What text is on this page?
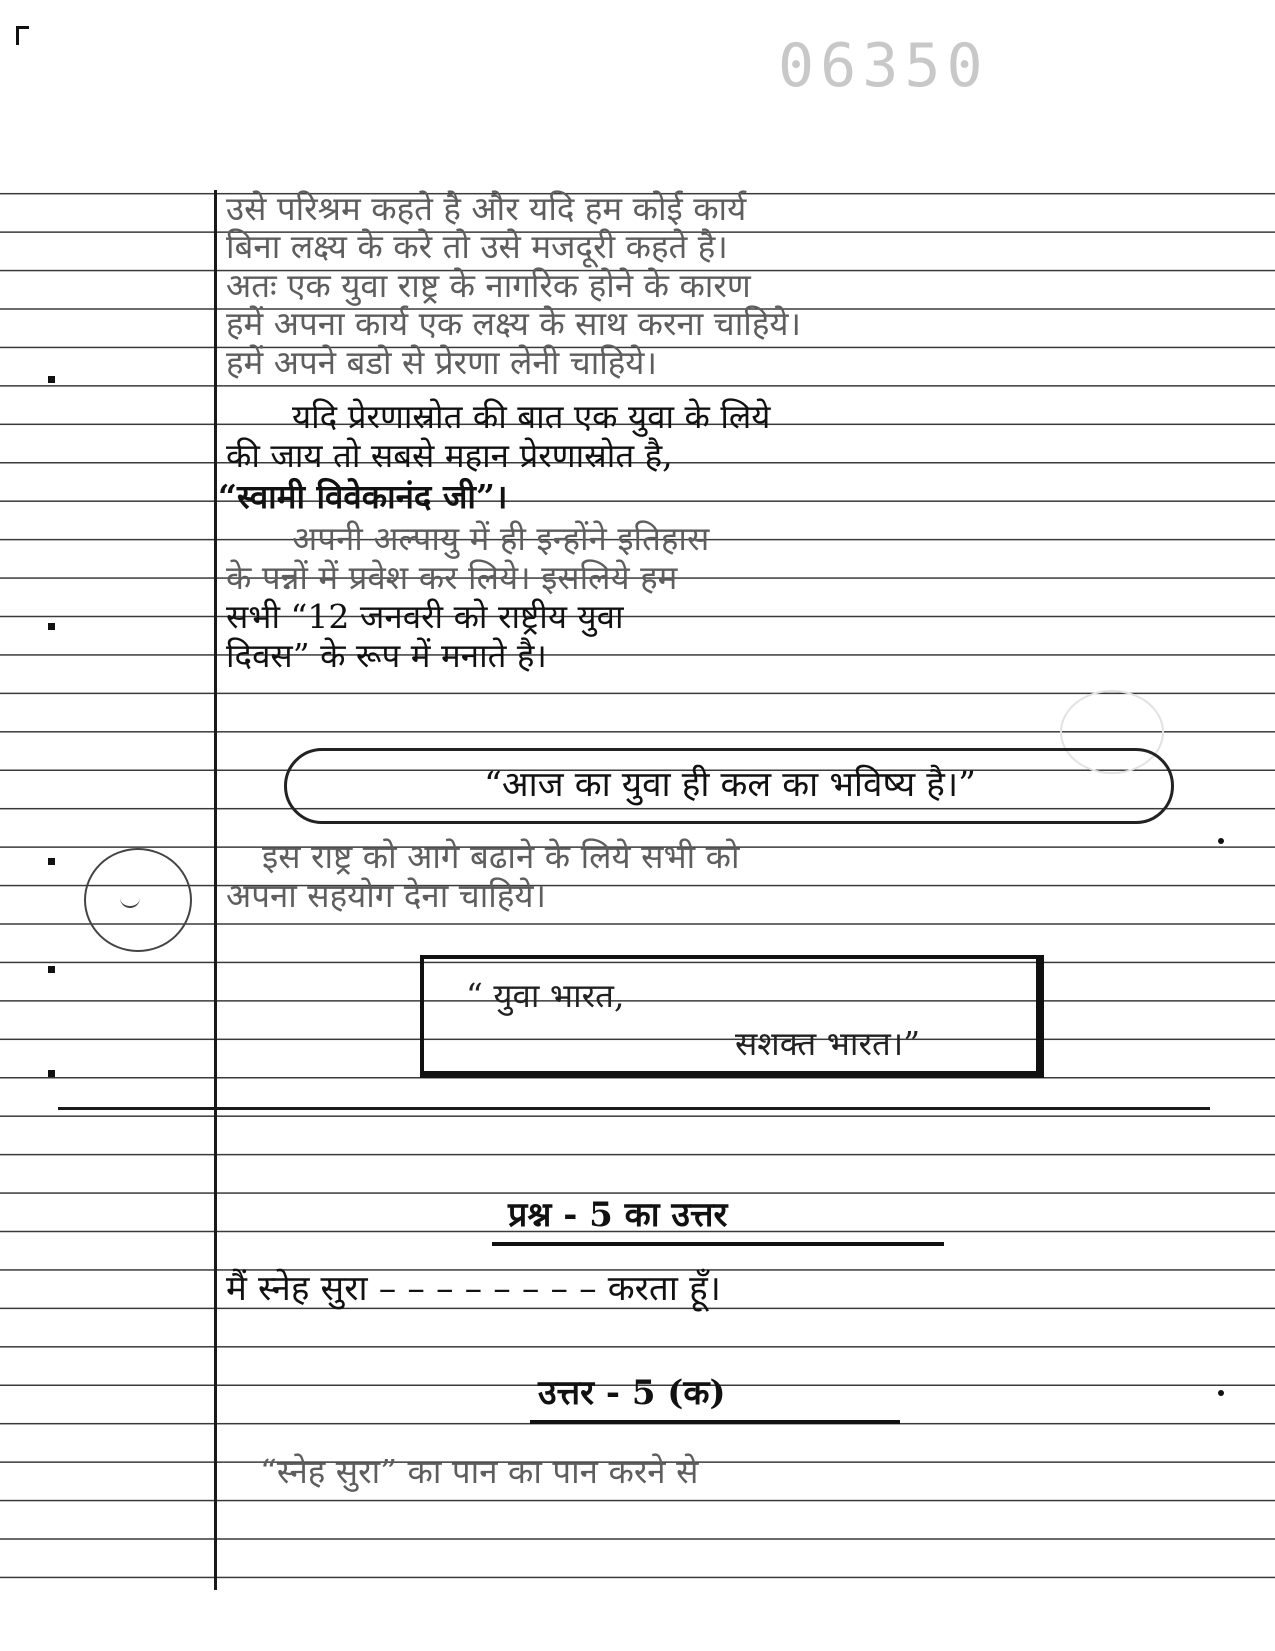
06350
उसे परिश्रम कहते है और यदि हम कोई कार्य
बिना लक्ष्य के करे तो उसे मजदूरी कहते है।
अतः एक युवा राष्ट्र के नागरिक होने के कारण
हमें अपना कार्य एक लक्ष्य के साथ करना चाहिये।
हमें अपने बडो से प्रेरणा लेनी चाहिये।
यदि प्रेरणास्रोत की बात एक युवा के लिये
की जाय तो सबसे महान प्रेरणास्रोत है,
“स्वामी विवेकानंद जी”।
अपनी अल्पायु में ही इन्होंने इतिहास
के पन्नों में प्रवेश कर लिये। इसलिये हम
सभी “12 जनवरी को राष्ट्रीय युवा
दिवस” के रूप में मनाते है।
“आज का युवा ही कल का भविष्य है।”
इस राष्ट्र को आगे बढाने के लिये सभी को
अपना सहयोग देना चाहिये।
“ युवा भारत,
सशक्त भारत।”
प्रश्न - 5 का उत्तर
मैं स्नेह सुरा – – – – – – – – करता हूँ।
उत्तर - 5 (क)
“स्नेह सुरा” का पान का पान करने से
